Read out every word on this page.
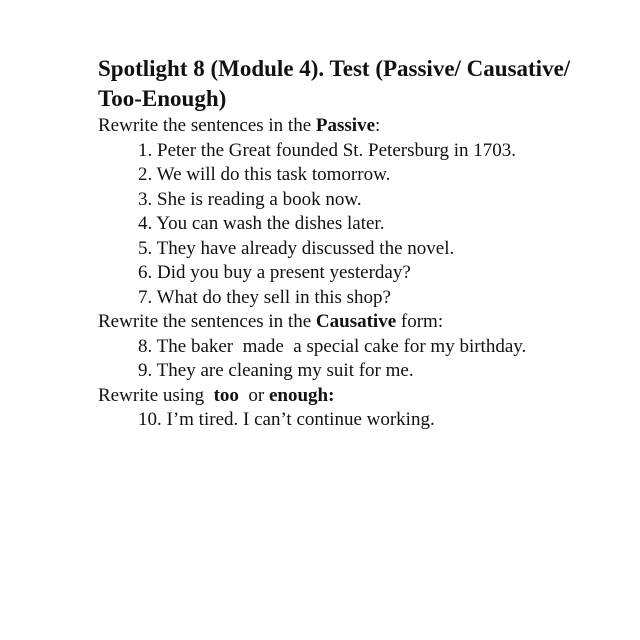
Spotlight 8 (Module 4). Test (Passive/ Causative/
Too-Enough)

Rewrite the sentences in the Passive:

1. Peter the Great founded St. Petersburg in 1703.
2. We will do this task tomorrow.
3. She is reading a book now.
4. You can wash the dishes later.
5. They have already discussed the novel.
6. Did you buy a present yesterday?
7. What do they sell in this shop?

Rewrite the sentences in the Causative form:

8. The baker  made  a special cake for my birthday.
9. They are cleaning my suit for me.

Rewrite using  too  or enough:

10. I’m tired. I can’t continue working.
